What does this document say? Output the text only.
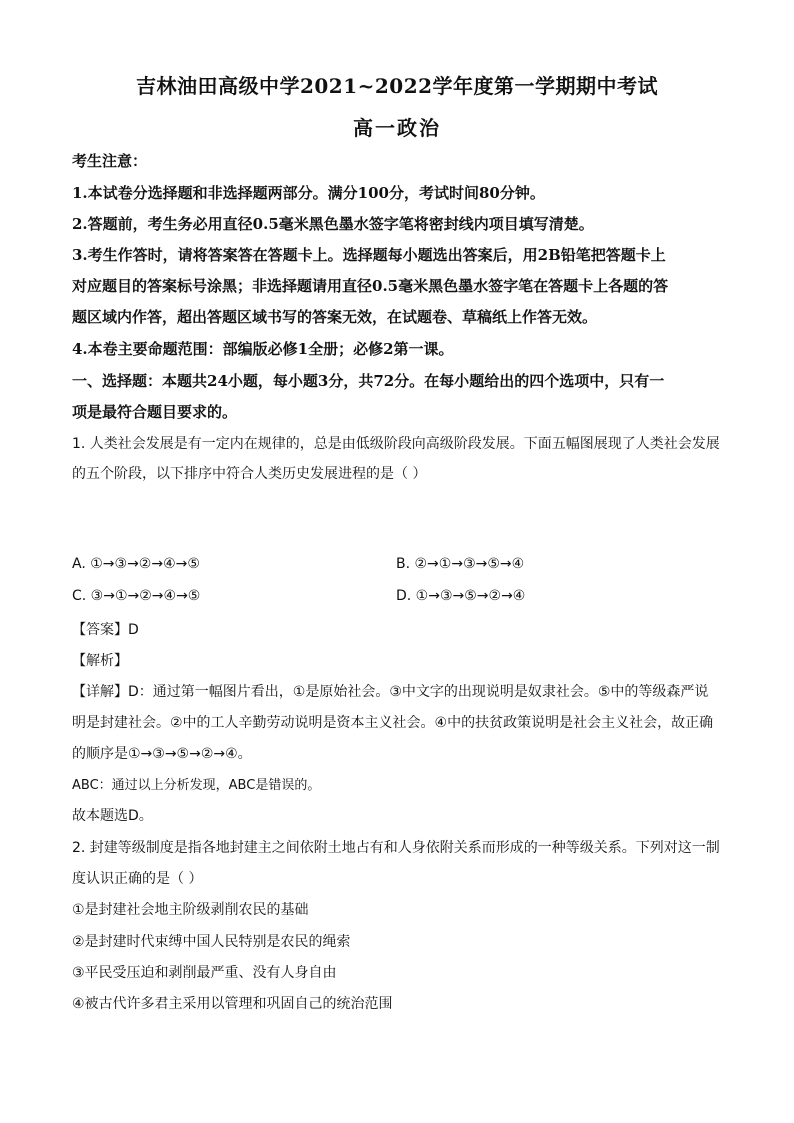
吉林油田高级中学2021~2022学年度第一学期期中考试
高一政治
考生注意：
1.本试卷分选择题和非选择题两部分。满分100分，考试时间80分钟。
2.答题前，考生务必用直径0.5毫米黑色墨水签字笔将密封线内项目填写清楚。
3.考生作答时，请将答案答在答题卡上。选择题每小题选出答案后，用2B铅笔把答题卡上
对应题目的答案标号涂黑；非选择题请用直径0.5毫米黑色墨水签字笔在答题卡上各题的答
题区域内作答，超出答题区域书写的答案无效，在试题卷、草稿纸上作答无效。
4.本卷主要命题范围：部编版必修1全册；必修2第一课。
一、选择题：本题共24小题，每小题3分，共72分。在每小题给出的四个选项中，只有一
项是最符合题目要求的。
1. 人类社会发展是有一定内在规律的，总是由低级阶段向高级阶段发展。下面五幅图展现了人类社会发展
的五个阶段，以下排序中符合人类历史发展进程的是（ ）
A. ①→③→②→④→⑤	B. ②→①→③→⑤→④
C. ③→①→②→④→⑤	D. ①→③→⑤→②→④
【答案】D
【解析】
【详解】D：通过第一幅图片看出，①是原始社会。③中文字的出现说明是奴隶社会。⑤中的等级森严说
明是封建社会。②中的工人辛勤劳动说明是资本主义社会。④中的扶贫政策说明是社会主义社会，故正确
的顺序是①→③→⑤→②→④。
ABC：通过以上分析发现，ABC是错误的。
故本题选D。
2. 封建等级制度是指各地封建主之间依附土地占有和人身依附关系而形成的一种等级关系。下列对这一制
度认识正确的是（ ）
①是封建社会地主阶级剥削农民的基础
②是封建时代束缚中国人民特别是农民的绳索
③平民受压迫和剥削最严重、没有人身自由
④被古代许多君主采用以管理和巩固自己的统治范围
